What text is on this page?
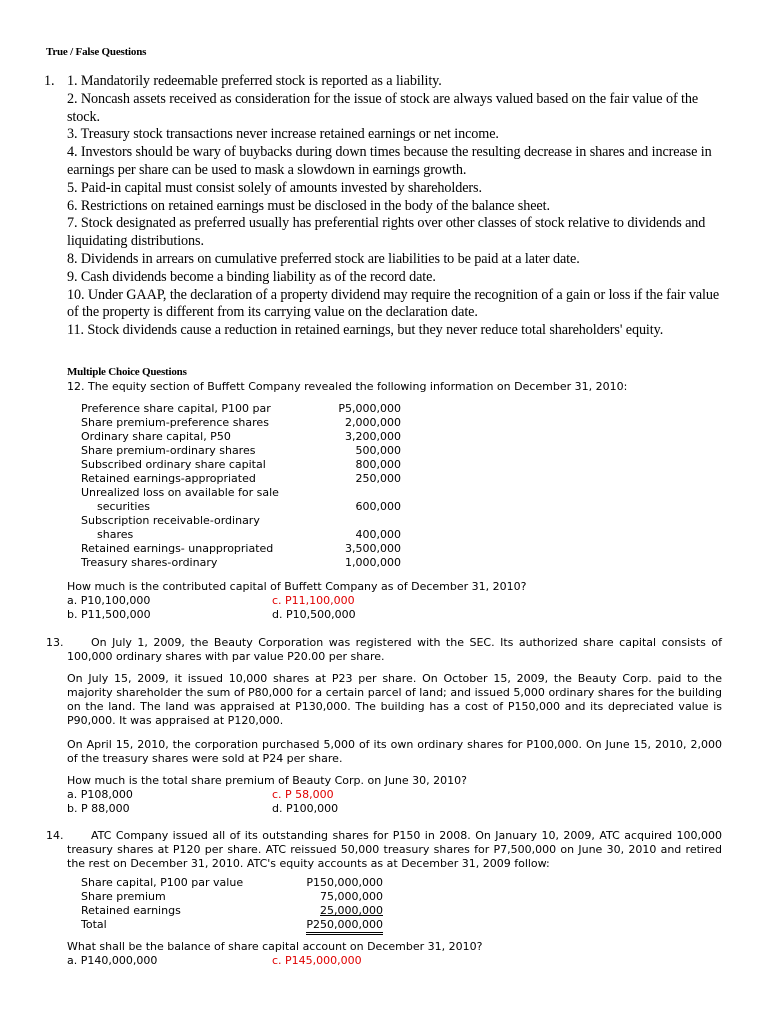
True / False Questions
1. 1. Mandatorily redeemable preferred stock is reported as a liability.

2. Noncash assets received as consideration for the issue of stock are always valued based on the fair value of the stock.

3. Treasury stock transactions never increase retained earnings or net income.

4. Investors should be wary of buybacks during down times because the resulting decrease in shares and increase in earnings per share can be used to mask a slowdown in earnings growth.

5. Paid-in capital must consist solely of amounts invested by shareholders.

6. Restrictions on retained earnings must be disclosed in the body of the balance sheet.

7. Stock designated as preferred usually has preferential rights over other classes of stock relative to dividends and liquidating distributions.

8. Dividends in arrears on cumulative preferred stock are liabilities to be paid at a later date.

9. Cash dividends become a binding liability as of the record date.

10. Under GAAP, the declaration of a property dividend may require the recognition of a gain or loss if the fair value of the property is different from its carrying value on the declaration date.

11. Stock dividends cause a reduction in retained earnings, but they never reduce total shareholders' equity.

Multiple Choice Questions
12. The equity section of Buffett Company revealed the following information on December 31, 2010:
Preference share capital, P100 par	P5,000,000
Share premium-preference shares	2,000,000
Ordinary share capital, P50	3,200,000
Share premium-ordinary shares	500,000
Subscribed ordinary share capital	800,000
Retained earnings-appropriated	250,000
Unrealized loss on available for sale
securities	600,000
Subscription receivable-ordinary
shares	400,000
Retained earnings- unappropriated	3,500,000
Treasury shares-ordinary	1,000,000
How much is the contributed capital of Buffett Company as of December 31, 2010?
a. P10,100,000	c. P11,100,000
b. P11,500,000	d. P10,500,000
13.	On July 1, 2009, the Beauty Corporation was registered with the SEC. Its authorized share capital consists of 100,000 ordinary shares with par value P20.00 per share.
On July 15, 2009, it issued 10,000 shares at P23 per share. On October 15, 2009, the Beauty Corp. paid to the majority shareholder the sum of P80,000 for a certain parcel of land; and issued 5,000 ordinary shares for the building on the land. The land was appraised at P130,000. The building has a cost of P150,000 and its depreciated value is P90,000. It was appraised at P120,000.
On April 15, 2010, the corporation purchased 5,000 of its own ordinary shares for P100,000. On June 15, 2010, 2,000 of the treasury shares were sold at P24 per share.
How much is the total share premium of Beauty Corp. on June 30, 2010?
a. P108,000	c. P 58,000
b. P 88,000	d. P100,000
14.	ATC Company issued all of its outstanding shares for P150 in 2008. On January 10, 2009, ATC acquired 100,000 treasury shares at P120 per share. ATC reissued 50,000 treasury shares for P7,500,000 on June 30, 2010 and retired the rest on December 31, 2010. ATC's equity accounts as at December 31, 2009 follow:
Share capital, P100 par value	P150,000,000
Share premium	75,000,000
Retained earnings	25,000,000
Total	P250,000,000
What shall be the balance of share capital account on December 31, 2010?
a. P140,000,000	c. P145,000,000
